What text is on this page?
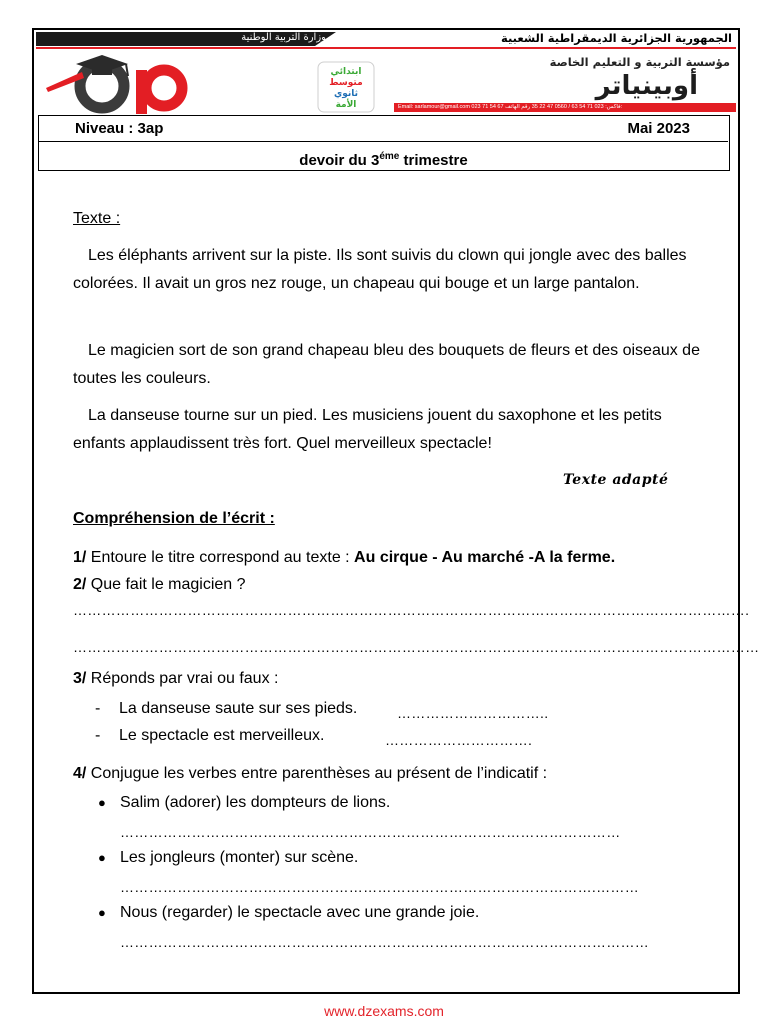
وزارة التربية الوطنية	الجمهورية الجزائرية الديمقراطية الشعبية
ابتدائي
متوسط
ثانوي
الأمة
مؤسسة التربية و التعليم الخاصة
أوبينياتر
Email: sarlamour@gmail.com 023 71 54 67 فاكس: 023 71 54 63 / 0560 47 22 35 رقم الهاتف:
Niveau : 3ap	Mai 2023
devoir du $3^{éme}$ trimestre
Texte :
Les éléphants arrivent sur la piste. Ils sont suivis du clown qui jongle avec des balles colorées. Il avait un gros nez rouge, un chapeau qui bouge et un large pantalon.
Le magicien sort de son grand chapeau bleu des bouquets de fleurs et des oiseaux de toutes les couleurs.
La danseuse tourne sur un pied. Les musiciens jouent du saxophone et les petits enfants applaudissent très fort. Quel merveilleux spectacle!
Texte adapté
Compréhension de l’écrit :
1/ Entoure le titre correspond au texte : Au cirque - Au marché -A la ferme.
2/ Que fait le magicien ?
…………………………………………………………………………………………………………………………….
………………………………………………………………………………………………………………………………
3/ Réponds par vrai ou faux :
- La danseuse saute sur ses pieds.	…………………………..
- Le spectacle est merveilleux.	………………………….
4/ Conjugue les verbes entre parenthèses au présent de l’indicatif :
● Salim (adorer) les dompteurs de lions.
……………………………………………………………………………………………
● Les jongleurs (monter) sur scène.
……………………………………………………………………………………….………
● Nous (regarder) le spectacle avec une grande joie.
…………………………………………………………………………………………………
www.dzexams.com
